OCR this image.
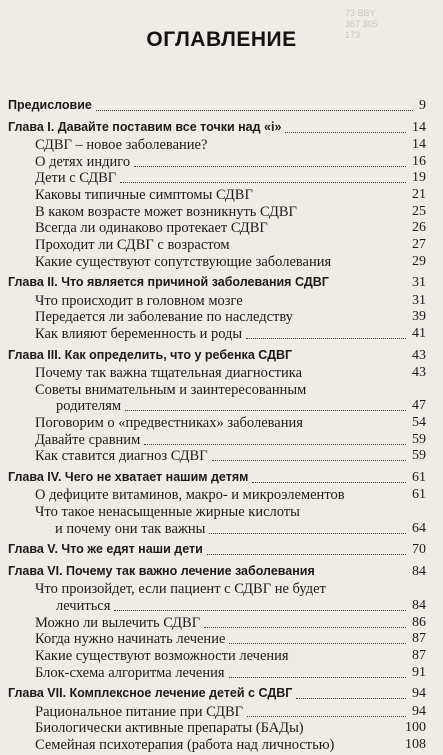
73 BBY
367 305
173
ОГЛАВЛЕНИЕ
Предисловие	9
Глава I. Давайте поставим все точки над «i»	14
СДВГ – новое заболевание?	14
О детях индиго	16
Дети с СДВГ	19
Каковы типичные симптомы СДВГ	21
В каком возрасте может возникнуть СДВГ	25
Всегда ли одинаково протекает СДВГ	26
Проходит ли СДВГ с возрастом	27
Какие существуют сопутствующие заболевания	29
Глава II. Что является причиной заболевания СДВГ	31
Что происходит в головном мозге	31
Передается ли заболевание по наследству	39
Как влияют беременность и роды	41
Глава III. Как определить, что у ребенка СДВГ	43
Почему так важна тщательная диагностика	43
Советы внимательным и заинтересованным
родителям	47
Поговорим о «предвестниках» заболевания	54
Давайте сравним	59
Как ставится диагноз СДВГ	59
Глава IV. Чего не хватает нашим детям	61
О дефиците витаминов, макро- и микроэлементов	61
Что такое ненасыщенные жирные кислоты
и почему они так важны	64
Глава V. Что же едят наши дети	70
Глава VI. Почему так важно лечение заболевания	84
Что произойдет, если пациент с СДВГ не будет
лечиться	84
Можно ли вылечить СДВГ	86
Когда нужно начинать лечение	87
Какие существуют возможности лечения	87
Блок-схема алгоритма лечения	91
Глава VII. Комплексное лечение детей с СДВГ	94
Рациональное питание при СДВГ	94
Биологически активные препараты (БАДы)	100
Семейная психотерапия (работа над личностью)	108
